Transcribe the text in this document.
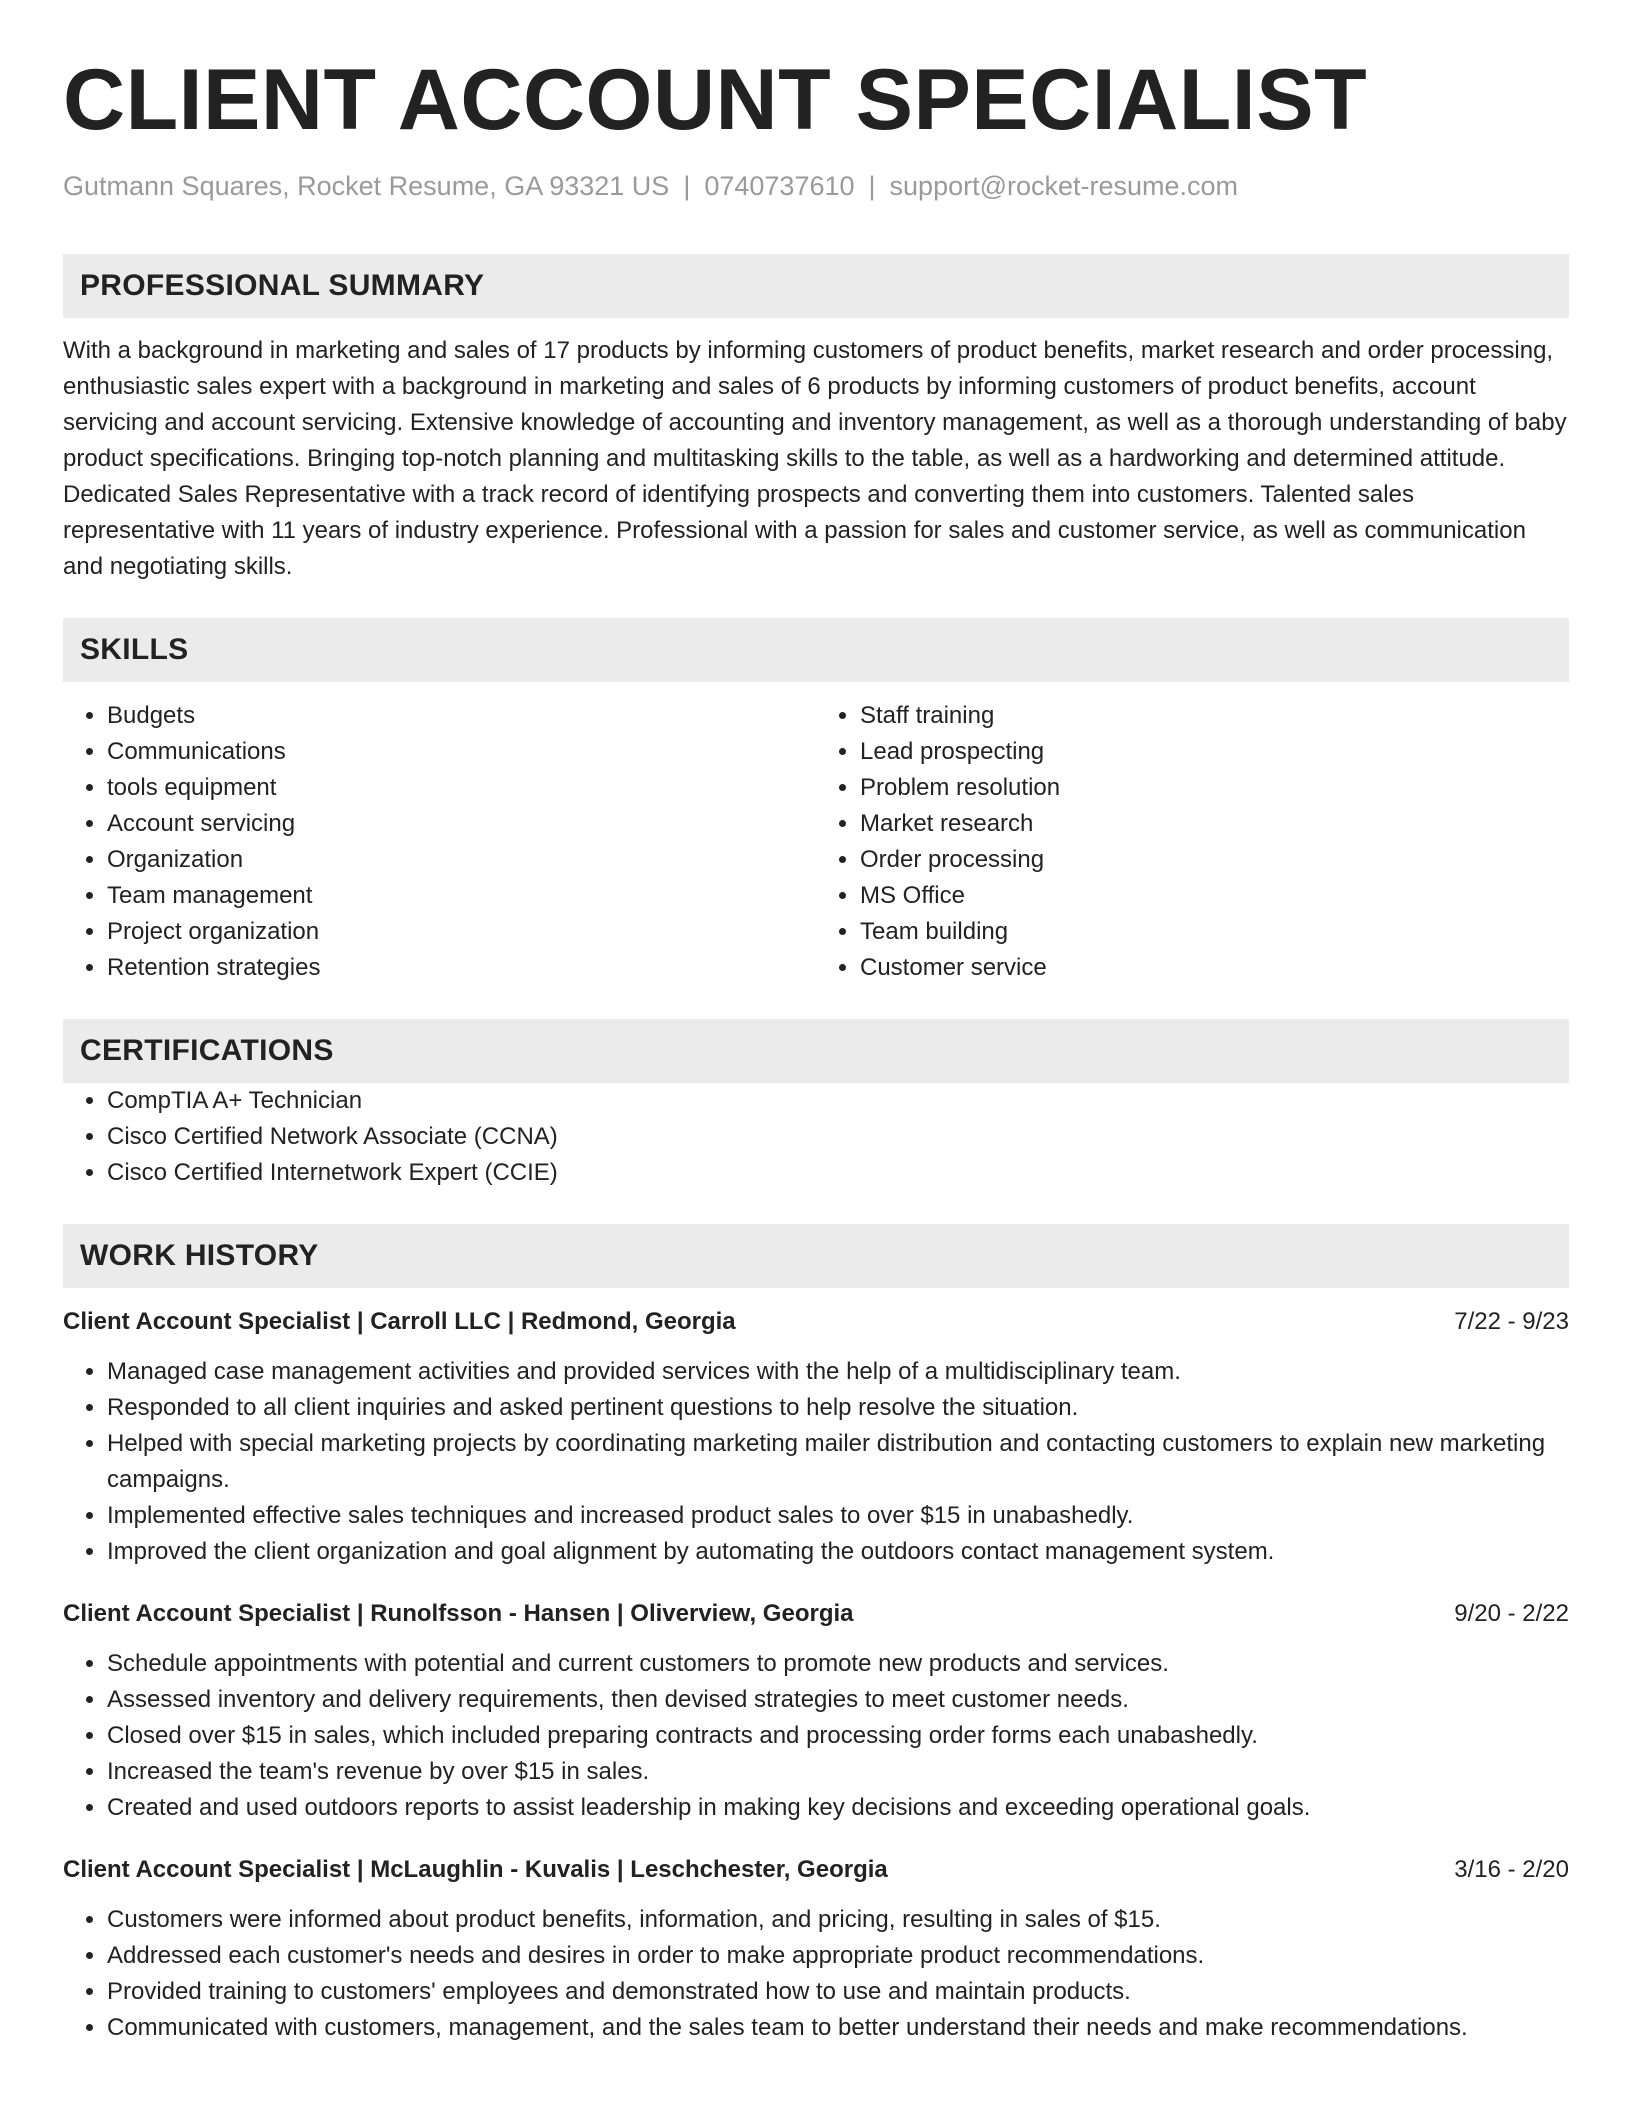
CLIENT ACCOUNT SPECIALIST
Gutmann Squares, Rocket Resume, GA 93321 US | 0740737610 | support@rocket-resume.com
PROFESSIONAL SUMMARY

With a background in marketing and sales of 17 products by informing customers of product benefits, market research and order processing, enthusiastic sales expert with a background in marketing and sales of 6 products by informing customers of product benefits, account servicing and account servicing. Extensive knowledge of accounting and inventory management, as well as a thorough understanding of baby product specifications. Bringing top-notch planning and multitasking skills to the table, as well as a hardworking and determined attitude. Dedicated Sales Representative with a track record of identifying prospects and converting them into customers. Talented sales representative with 11 years of industry experience. Professional with a passion for sales and customer service, as well as communication and negotiating skills.

SKILLS
• Budgets
• Communications
• tools equipment
• Account servicing
• Organization
• Team management
• Project organization
• Retention strategies
• Staff training
• Lead prospecting
• Problem resolution
• Market research
• Order processing
• MS Office
• Team building
• Customer service
CERTIFICATIONS
• CompTIA A+ Technician
• Cisco Certified Network Associate (CCNA)
• Cisco Certified Internetwork Expert (CCIE)
WORK HISTORY
Client Account Specialist | Carroll LLC | Redmond, Georgia	7/22 - 9/23
• Managed case management activities and provided services with the help of a multidisciplinary team.
• Responded to all client inquiries and asked pertinent questions to help resolve the situation.
• Helped with special marketing projects by coordinating marketing mailer distribution and contacting customers to explain new marketing campaigns.
• Implemented effective sales techniques and increased product sales to over $15 in unabashedly.
• Improved the client organization and goal alignment by automating the outdoors contact management system.
Client Account Specialist | Runolfsson - Hansen | Oliverview, Georgia	9/20 - 2/22
• Schedule appointments with potential and current customers to promote new products and services.
• Assessed inventory and delivery requirements, then devised strategies to meet customer needs.
• Closed over $15 in sales, which included preparing contracts and processing order forms each unabashedly.
• Increased the team's revenue by over $15 in sales.
• Created and used outdoors reports to assist leadership in making key decisions and exceeding operational goals.
Client Account Specialist | McLaughlin - Kuvalis | Leschchester, Georgia	3/16 - 2/20
• Customers were informed about product benefits, information, and pricing, resulting in sales of $15.
• Addressed each customer's needs and desires in order to make appropriate product recommendations.
• Provided training to customers' employees and demonstrated how to use and maintain products.
• Communicated with customers, management, and the sales team to better understand their needs and make recommendations.
